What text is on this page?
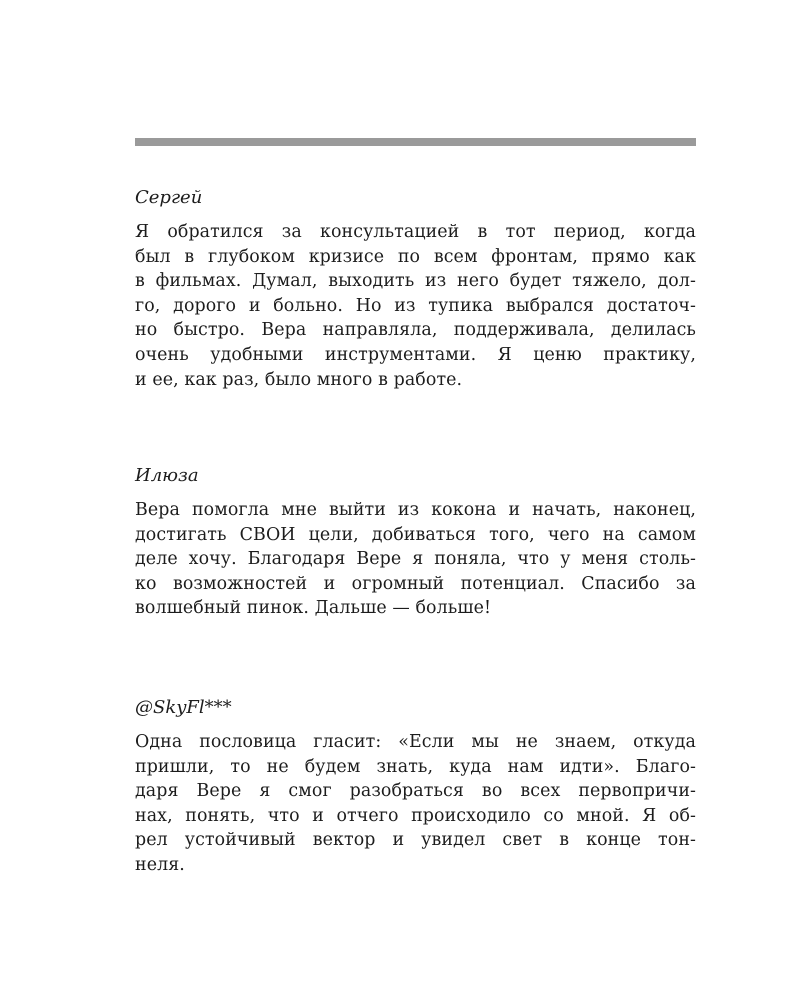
Сергей
Я обратился за консультацией в тот период, когда
был в глубоком кризисе по всем фронтам, прямо как
в фильмах. Думал, выходить из него будет тяжело, дол-
го, дорого и больно. Но из тупика выбрался достаточ-
но быстро. Вера направляла, поддерживала, делилась
очень удобными инструментами. Я ценю практику,
и ее, как раз, было много в работе.
Илюза
Вера помогла мне выйти из кокона и начать, наконец,
достигать СВОИ цели, добиваться того, чего на самом
деле хочу. Благодаря Вере я поняла, что у меня столь-
ко возможностей и огромный потенциал. Спасибо за
волшебный пинок. Дальше — больше!
@SkyFl***
Одна пословица гласит: «Если мы не знаем, откуда
пришли, то не будем знать, куда нам идти». Благо-
даря Вере я смог разобраться во всех первопричи-
нах, понять, что и отчего происходило со мной. Я об-
рел устойчивый вектор и увидел свет в конце тон-
неля.
